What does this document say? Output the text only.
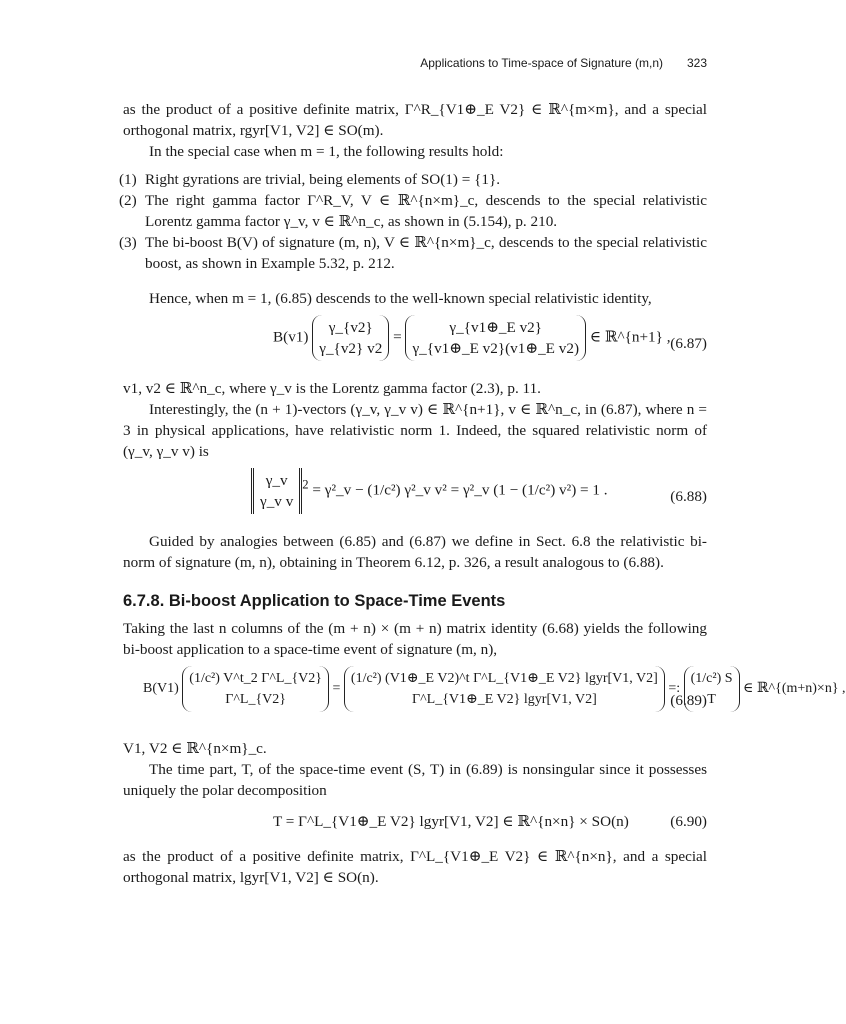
Applications to Time-space of Signature (m,n) 323

as the product of a positive definite matrix, Γ^R_{V1⊕_E V2} ∈ ℝ^{m×m}, and a special orthogonal matrix, rgyr[V1, V2] ∈ SO(m).

In the special case when m = 1, the following results hold:

(1) Right gyrations are trivial, being elements of SO(1) = {1}.
(2) The right gamma factor Γ^R_V, V ∈ ℝ^{n×m}_c, descends to the special relativistic Lorentz gamma factor γ_v, v ∈ ℝ^n_c, as shown in (5.154), p. 210.
(3) The bi-boost B(V) of signature (m, n), V ∈ ℝ^{n×m}_c, descends to the special relativistic boost, as shown in Example 5.32, p. 212.

Hence, when m = 1, (6.85) descends to the well-known special relativistic identity,

B(v1) γ_{v2}
γ_{v2} v2 = γ_{v1⊕_E v2}
γ_{v1⊕_E v2}(v1⊕_E v2) ∈ ℝ^{n+1} , (6.87)

v1, v2 ∈ ℝ^n_c, where γ_v is the Lorentz gamma factor (2.3), p. 11.

Interestingly, the (n + 1)-vectors (γ_v, γ_v v) ∈ ℝ^{n+1}, v ∈ ℝ^n_c, in (6.87), where n = 3 in physical applications, have relativistic norm 1. Indeed, the squared relativistic norm of (γ_v, γ_v v) is

γ_v
γ_v $v^2$ = γ²_v − (1/c²) γ²_v v² = γ²_v (1 − (1/c²) v²) = 1 .	(6.88)

Guided by analogies between (6.85) and (6.87) we define in Sect. 6.8 the relativistic bi-norm of signature (m, n), obtaining in Theorem 6.12, p. 326, a result analogous to (6.88).

6.7.8. Bi-boost Application to Space-Time Events

Taking the last n columns of the (m + n) × (m + n) matrix identity (6.68) yields the following bi-boost application to a space-time event of signature (m, n),

B(V1) (1/c²) V^t_2 Γ^L_{V2}
Γ^L_{V2} = (1/c²) (V1⊕_E V2)^t Γ^L_{V1⊕_E V2} lgyr[V1, V2]
Γ^L_{V1⊕_E V2} lgyr[V1, V2] =: (1/c²) S
T ∈ ℝ^{(m+n)×n} ,
(6.89)

V1, V2 ∈ ℝ^{n×m}_c.

The time part, T, of the space-time event (S, T) in (6.89) is nonsingular since it possesses uniquely the polar decomposition

T = Γ^L_{V1⊕_E V2} lgyr[V1, V2] ∈ ℝ^{n×n} × SO(n)	(6.90)

as the product of a positive definite matrix, Γ^L_{V1⊕_E V2} ∈ ℝ^{n×n}, and a special orthogonal matrix, lgyr[V1, V2] ∈ SO(n).
